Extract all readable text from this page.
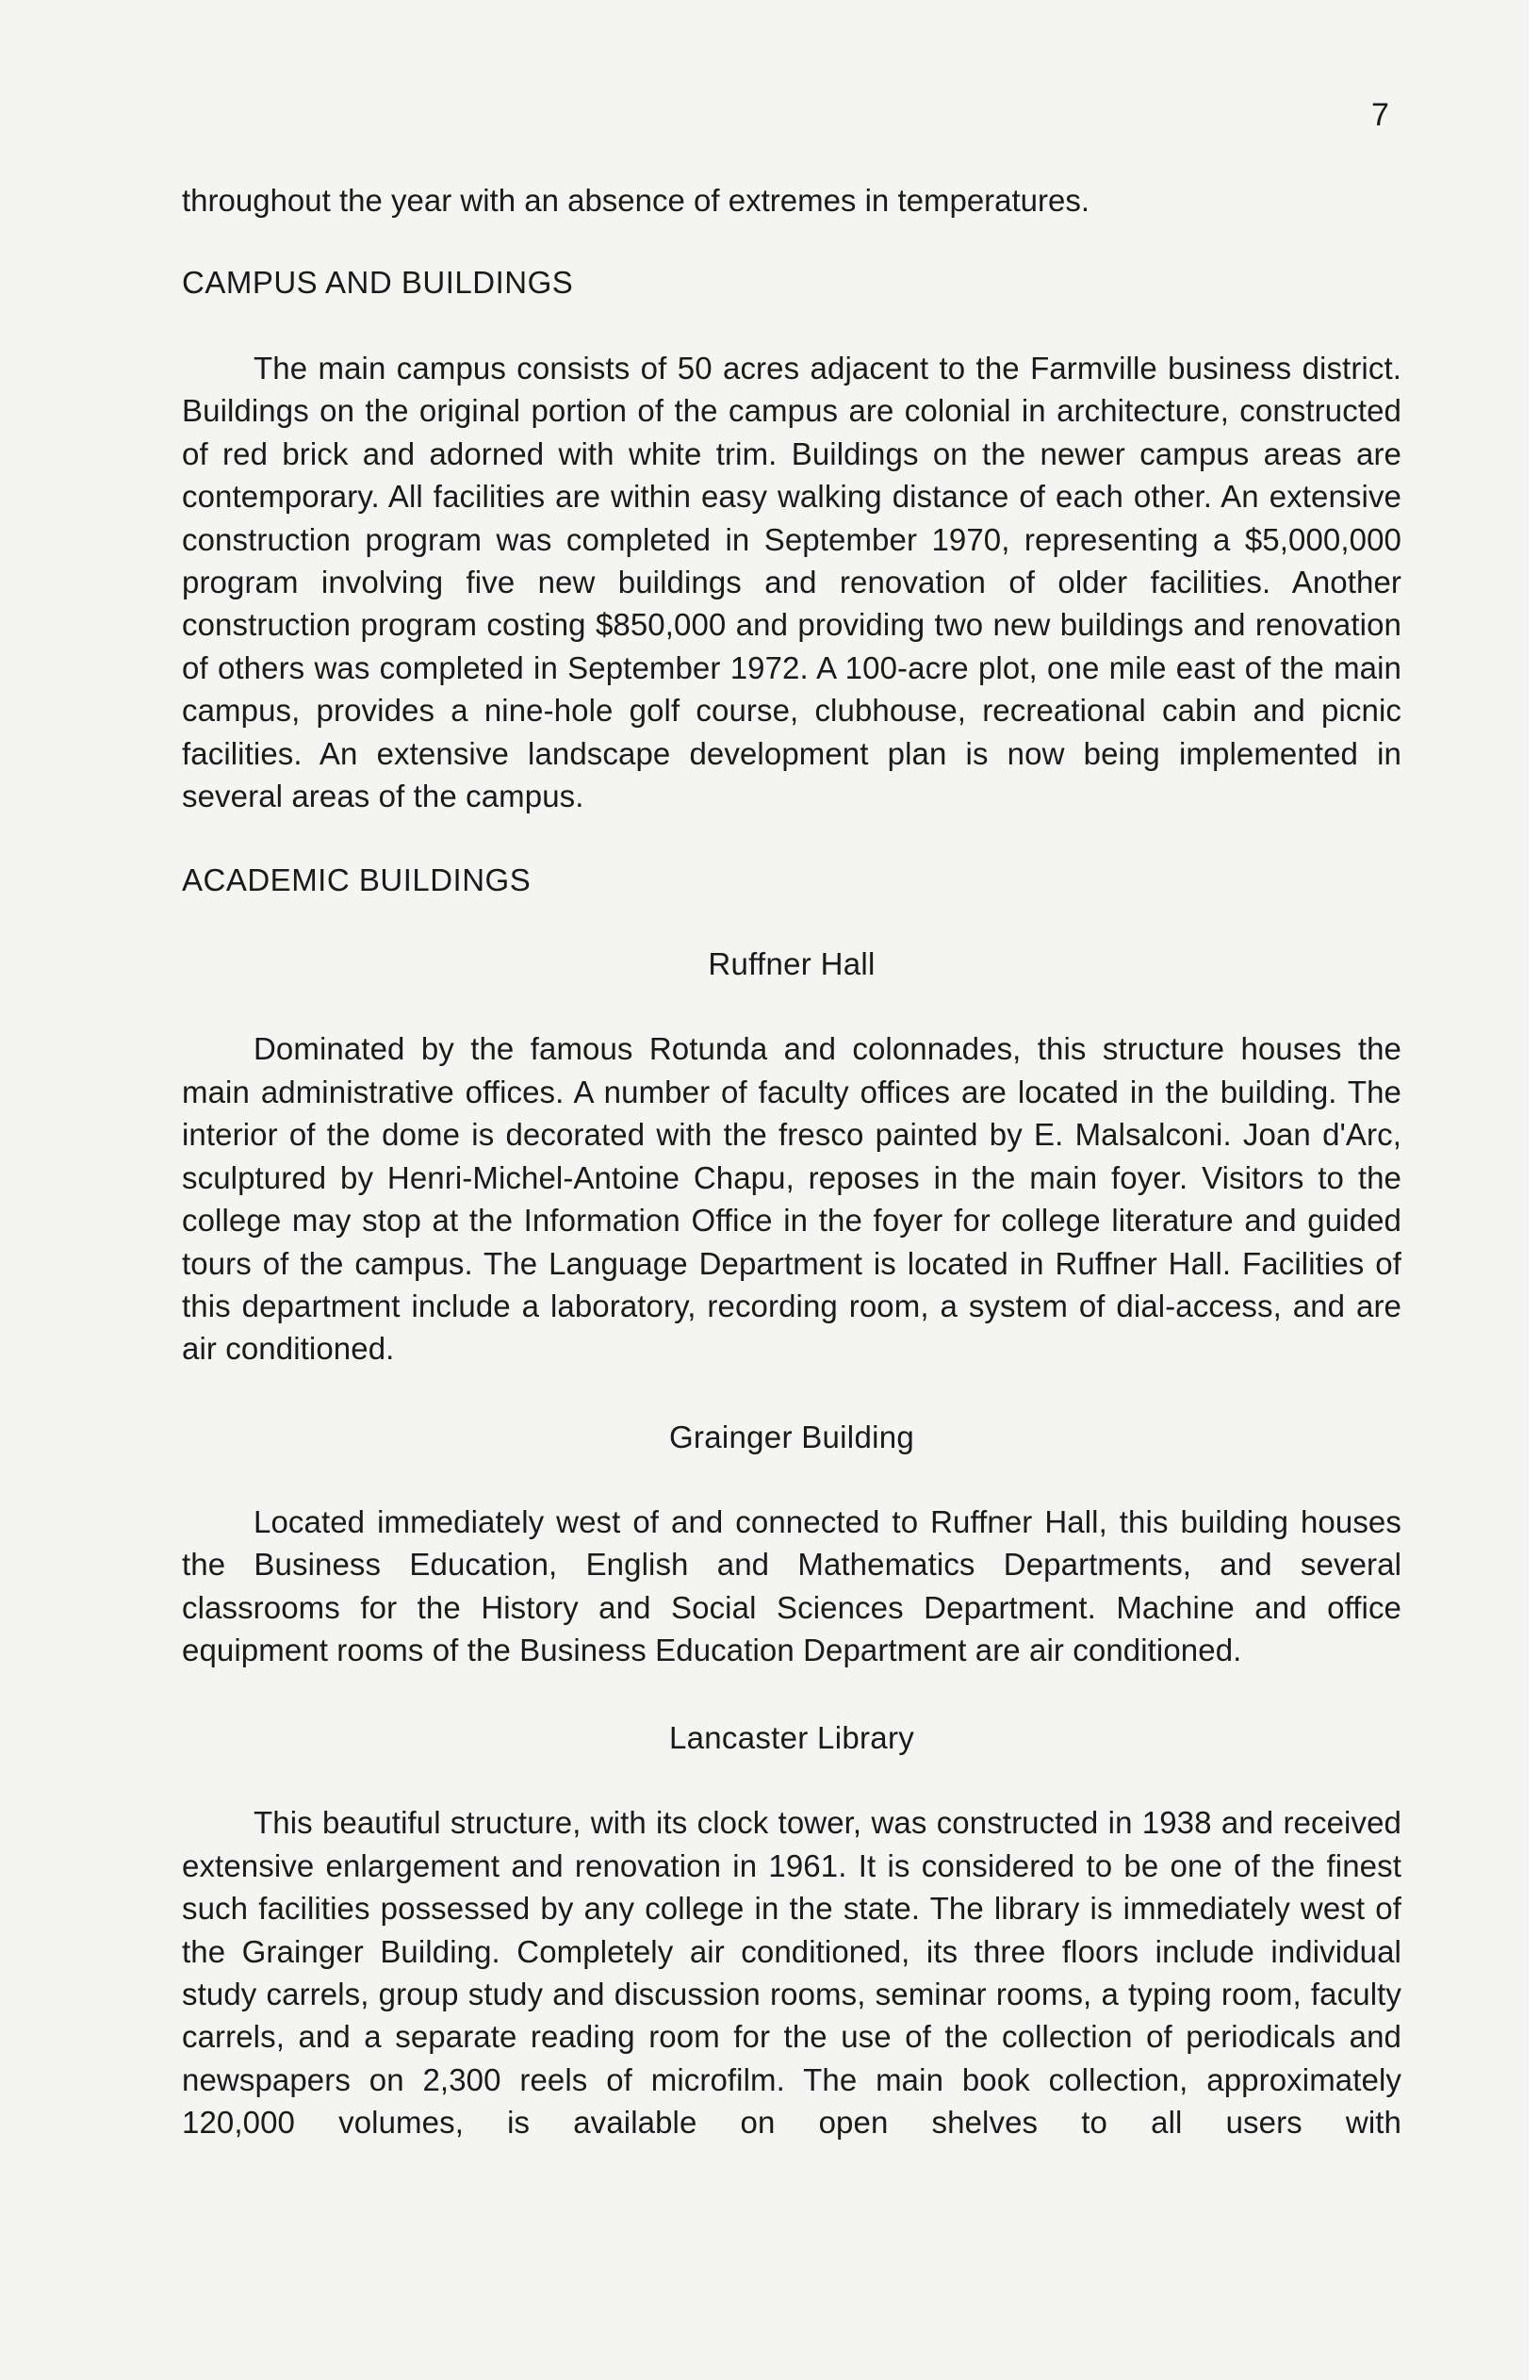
7

throughout the year with an absence of extremes in temperatures.

CAMPUS AND BUILDINGS

The main campus consists of 50 acres adjacent to the Farmville business district. Buildings on the original portion of the campus are colonial in architecture, constructed of red brick and adorned with white trim. Buildings on the newer campus areas are contemporary. All facilities are within easy walking distance of each other. An extensive construction program was completed in September 1970, representing a $5,000,000 program involving five new buildings and renovation of older facilities. Another construction program costing $850,000 and providing two new buildings and renovation of others was completed in September 1972. A 100-acre plot, one mile east of the main campus, provides a nine-hole golf course, clubhouse, recreational cabin and picnic facilities. An extensive landscape development plan is now being implemented in several areas of the campus.

ACADEMIC BUILDINGS
Ruffner Hall

Dominated by the famous Rotunda and colonnades, this structure houses the main administrative offices. A number of faculty offices are located in the building. The interior of the dome is decorated with the fresco painted by E. Malsalconi. Joan d'Arc, sculptured by Henri-Michel-Antoine Chapu, reposes in the main foyer. Visitors to the college may stop at the Information Office in the foyer for college literature and guided tours of the campus. The Language Department is located in Ruffner Hall. Facilities of this department include a laboratory, recording room, a system of dial-access, and are air conditioned.

Grainger Building

Located immediately west of and connected to Ruffner Hall, this building houses the Business Education, English and Mathematics Departments, and several classrooms for the History and Social Sciences Department. Machine and office equipment rooms of the Business Education Department are air conditioned.

Lancaster Library

This beautiful structure, with its clock tower, was constructed in 1938 and received extensive enlargement and renovation in 1961. It is considered to be one of the finest such facilities possessed by any college in the state. The library is immediately west of the Grainger Building. Completely air conditioned, its three floors include individual study carrels, group study and discussion rooms, seminar rooms, a typing room, faculty carrels, and a separate reading room for the use of the collection of periodicals and newspapers on 2,300 reels of microfilm. The main book collection, approximately 120,000 volumes, is available on open shelves to all users with
